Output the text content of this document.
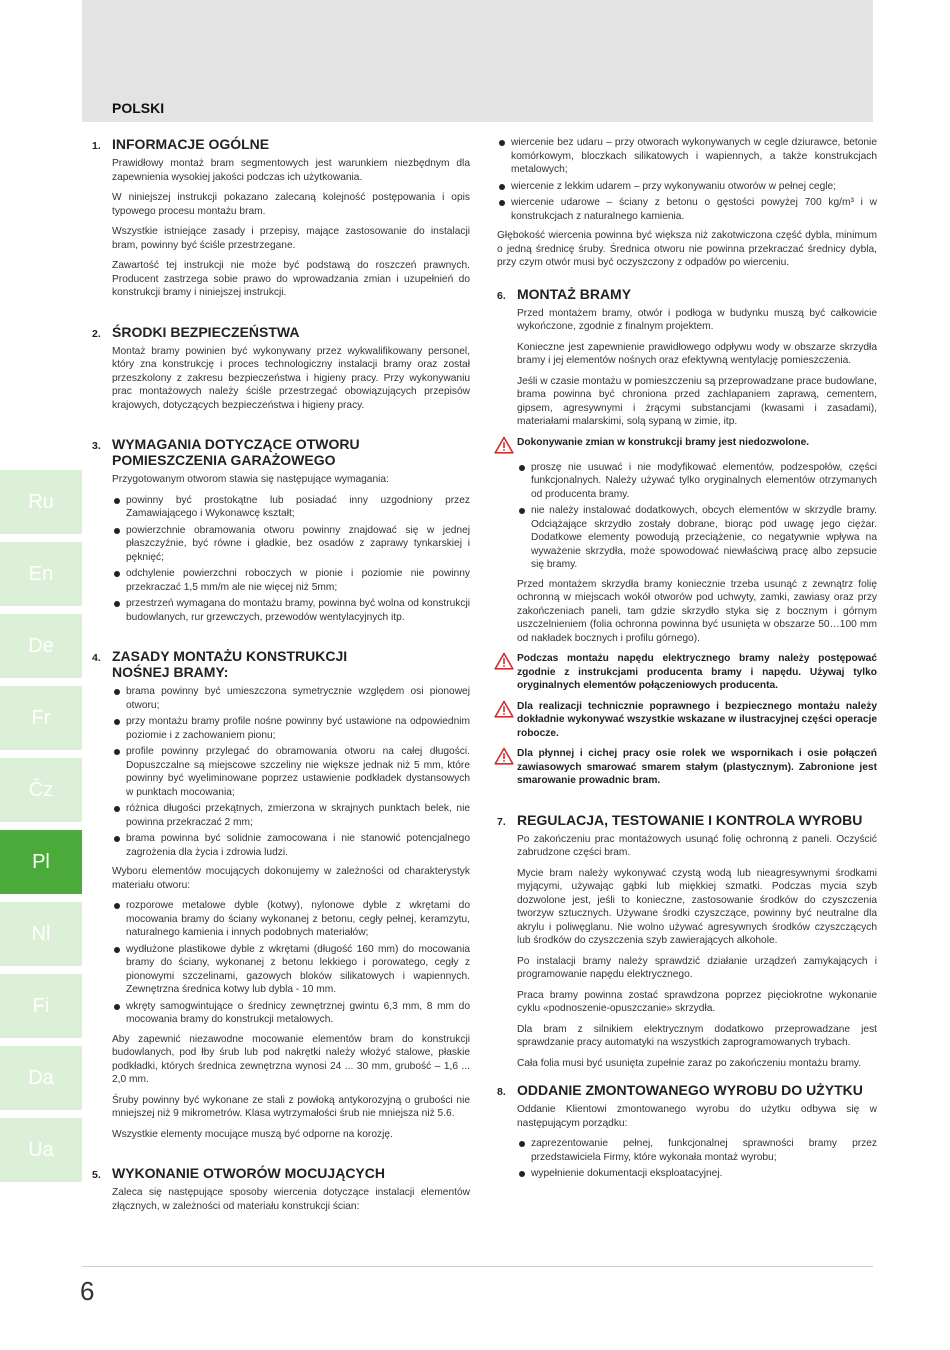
POLSKI
1. INFORMACJE OGÓLNE

Prawidłowy montaż bram segmentowych jest warunkiem niezbędnym dla zapewnienia wysokiej jakości podczas ich użytkowania.

W niniejszej instrukcji pokazano zalecaną kolejność postępowania i opis typowego procesu montażu bram.

Wszystkie istniejące zasady i przepisy, mające zastosowanie do instalacji bram, powinny być ściśle przestrzegane.

Zawartość tej instrukcji nie może być podstawą do roszczeń prawnych. Producent zastrzega sobie prawo do wprowadzania zmian i uzupełnień do konstrukcji bramy i niniejszej instrukcji.

2. ŚRODKI BEZPIECZEŃSTWA

Montaż bramy powinien być wykonywany przez wykwalifikowany personel, który zna konstrukcję i proces technologiczny instalacji bramy oraz został przeszkolony z zakresu bezpieczeństwa i higieny pracy. Przy wykonywaniu prac montażowych należy ściśle przestrzegać obowiązujących przepisów krajowych, dotyczących bezpieczeństwa i higieny pracy.

3. WYMAGANIA DOTYCZĄCE OTWORU
POMIESZCZENIA GARAŻOWEGO

Przygotowanym otworom stawia się następujące wymagania:

powinny być prostokątne lub posiadać inny uzgodniony przez Zamawiającego i Wykonawcę kształt;
powierzchnie obramowania otworu powinny znajdować się w jednej płaszczyźnie, być równe i gładkie, bez osadów z zaprawy tynkarskiej i pęknięć;
odchylenie powierzchni roboczych w pionie i poziomie nie powinny przekraczać 1,5 mm/m ale nie więcej niż 5mm;
przestrzeń wymagana do montażu bramy, powinna być wolna od konstrukcji budowlanych, rur grzewczych, przewodów wentylacyjnych itp.
4. ZASADY MONTAŻU KONSTRUKCJI
NOŚNEJ BRAMY:
brama powinny być umieszczona symetrycznie względem osi pionowej otworu;
przy montażu bramy profile nośne powinny być ustawione na odpowiednim poziomie i z zachowaniem pionu;
profile powinny przylegać do obramowania otworu na całej długości. Dopuszczalne są miejscowe szczeliny nie większe jednak niż 5 mm, które powinny być wyeliminowane poprzez ustawienie podkładek dystansowych w punktach mocowania;
różnica długości przekątnych, zmierzona w skrajnych punktach belek, nie powinna przekraczać 2 mm;
brama powinna być solidnie zamocowana i nie stanowić potencjalnego zagrożenia dla życia i zdrowia ludzi.

Wyboru elementów mocujących dokonujemy w zależności od charakterystyk materiału otworu:

rozporowe metalowe dyble (kotwy), nylonowe dyble z wkrętami do mocowania bramy do ściany wykonanej z betonu, cegły pełnej, keramzytu, naturalnego kamienia i innych podobnych materiałów;
wydłużone plastikowe dyble z wkrętami (długość 160 mm) do mocowania bramy do ściany, wykonanej z betonu lekkiego i porowatego, cegły z pionowymi szczelinami, gazowych bloków silikatowych i wapiennych. Zewnętrzna średnica kotwy lub dybla - 10 mm.
wkręty samogwintujące o średnicy zewnętrznej gwintu 6,3 mm, 8 mm do mocowania bramy do konstrukcji metalowych.

Aby zapewnić niezawodne mocowanie elementów bram do konstrukcji budowlanych, pod łby śrub lub pod nakrętki należy włożyć stalowe, płaskie podkładki, których średnica zewnętrzna wynosi 24 ... 30 mm, grubość – 1,6 ... 2,0 mm.

Śruby powinny być wykonane ze stali z powłoką antykorozyjną o grubości nie mniejszej niż 9 mikrometrów. Klasa wytrzymałości śrub nie mniejsza niż 5.6.

Wszystkie elementy mocujące muszą być odporne na korozję.

5. WYKONANIE OTWORÓW MOCUJĄCYCH

Zaleca się następujące sposoby wiercenia dotyczące instalacji elementów złącznych, w zależności od materiału konstrukcji ścian:

wiercenie bez udaru – przy otworach wykonywanych w cegle dziurawce, betonie komórkowym, bloczkach silikatowych i wapiennych, a także konstrukcjach metalowych;
wiercenie z lekkim udarem – przy wykonywaniu otworów w pełnej cegle;
wiercenie udarowe – ściany z betonu o gęstości powyżej 700 kg/m³ i w konstrukcjach z naturalnego kamienia.

Głębokość wiercenia powinna być większa niż zakotwiczona część dybla, minimum o jedną średnicę śruby. Średnica otworu nie powinna przekraczać średnicy dybla, przy czym otwór musi być oczyszczony z odpadów po wierceniu.

6. MONTAŻ BRAMY

Przed montażem bramy, otwór i podłoga w budynku muszą być całkowicie wykończone, zgodnie z finalnym projektem.

Konieczne jest zapewnienie prawidłowego odpływu wody w obszarze skrzydła bramy i jej elementów nośnych oraz efektywną wentylację pomieszczenia.

Jeśli w czasie montażu w pomieszczeniu są przeprowadzane prace budowlane, brama powinna być chroniona przed zachlapaniem zaprawą, cementem, gipsem, agresywnymi i żrącymi substancjami (kwasami i zasadami), materiałami malarskimi, solą sypaną w zimie, itp.

Dokonywanie zmian w konstrukcji bramy jest niedozwolone.
proszę nie usuwać i nie modyfikować elementów, podzespołów, części funkcjonalnych. Należy używać tylko oryginalnych elementów otrzymanych od producenta bramy.
nie należy instalować dodatkowych, obcych elementów w skrzydle bramy. Odciążające skrzydło zostały dobrane, biorąc pod uwagę jego ciężar. Dodatkowe elementy powodują przeciążenie, co negatywnie wpływa na wyważenie skrzydła, może spowodować niewłaściwą pracę albo zepsucie się bramy.

Przed montażem skrzydła bramy koniecznie trzeba usunąć z zewnątrz folię ochronną w miejscach wokół otworów pod uchwyty, zamki, zawiasy oraz przy zakończeniach paneli, tam gdzie skrzydło styka się z bocznym i górnym uszczelnieniem (folia ochronna powinna być usunięta w obszarze 50…100 mm od nakładek bocznych i profilu górnego).

Podczas montażu napędu elektrycznego bramy należy postępować zgodnie z instrukcjami producenta bramy i napędu. Używaj tylko oryginalnych elementów połączeniowych producenta.
Dla realizacji technicznie poprawnego i bezpiecznego montażu należy dokładnie wykonywać wszystkie wskazane w ilustracyjnej części operacje robocze.
Dla płynnej i cichej pracy osie rolek we wspornikach i osie połączeń zawiasowych smarować smarem stałym (plastycznym). Zabronione jest smarowanie prowadnic bram.
7. REGULACJA, TESTOWANIE I KONTROLA WYROBU

Po zakończeniu prac montażowych usunąć folię ochronną z paneli. Oczyścić zabrudzone części bram.

Mycie bram należy wykonywać czystą wodą lub nieagresywnymi środkami myjącymi, używając gąbki lub miękkiej szmatki. Podczas mycia szyb dozwolone jest, jeśli to konieczne, zastosowanie środków do czyszczenia tworzyw sztucznych. Używane środki czyszczące, powinny być neutralne dla akrylu i poliwęglanu. Nie wolno używać agresywnych środków czyszczących lub środków do czyszczenia szyb zawierających alkohole.

Po instalacji bramy należy sprawdzić działanie urządzeń zamykających i programowanie napędu elektrycznego.

Praca bramy powinna zostać sprawdzona poprzez pięciokrotne wykonanie cyklu «podnoszenie-opuszczanie» skrzydła.

Dla bram z silnikiem elektrycznym dodatkowo przeprowadzane jest sprawdzanie pracy automatyki na wszystkich zaprogramowanych trybach.

Cała folia musi być usunięta zupełnie zaraz po zakończeniu montażu bramy.

8. ODDANIE ZMONTOWANEGO WYROBU DO UŻYTKU

Oddanie Klientowi zmontowanego wyrobu do użytku odbywa się w następującym porządku:

zaprezentowanie pełnej, funkcjonalnej sprawności bramy przez przedstawiciela Firmy, które wykonała montaż wyrobu;
wypełnienie dokumentacji eksploatacyjnej.
Ru
En
De
Fr
Čz
Pl
Nl
Fi
Da
Ua
6
